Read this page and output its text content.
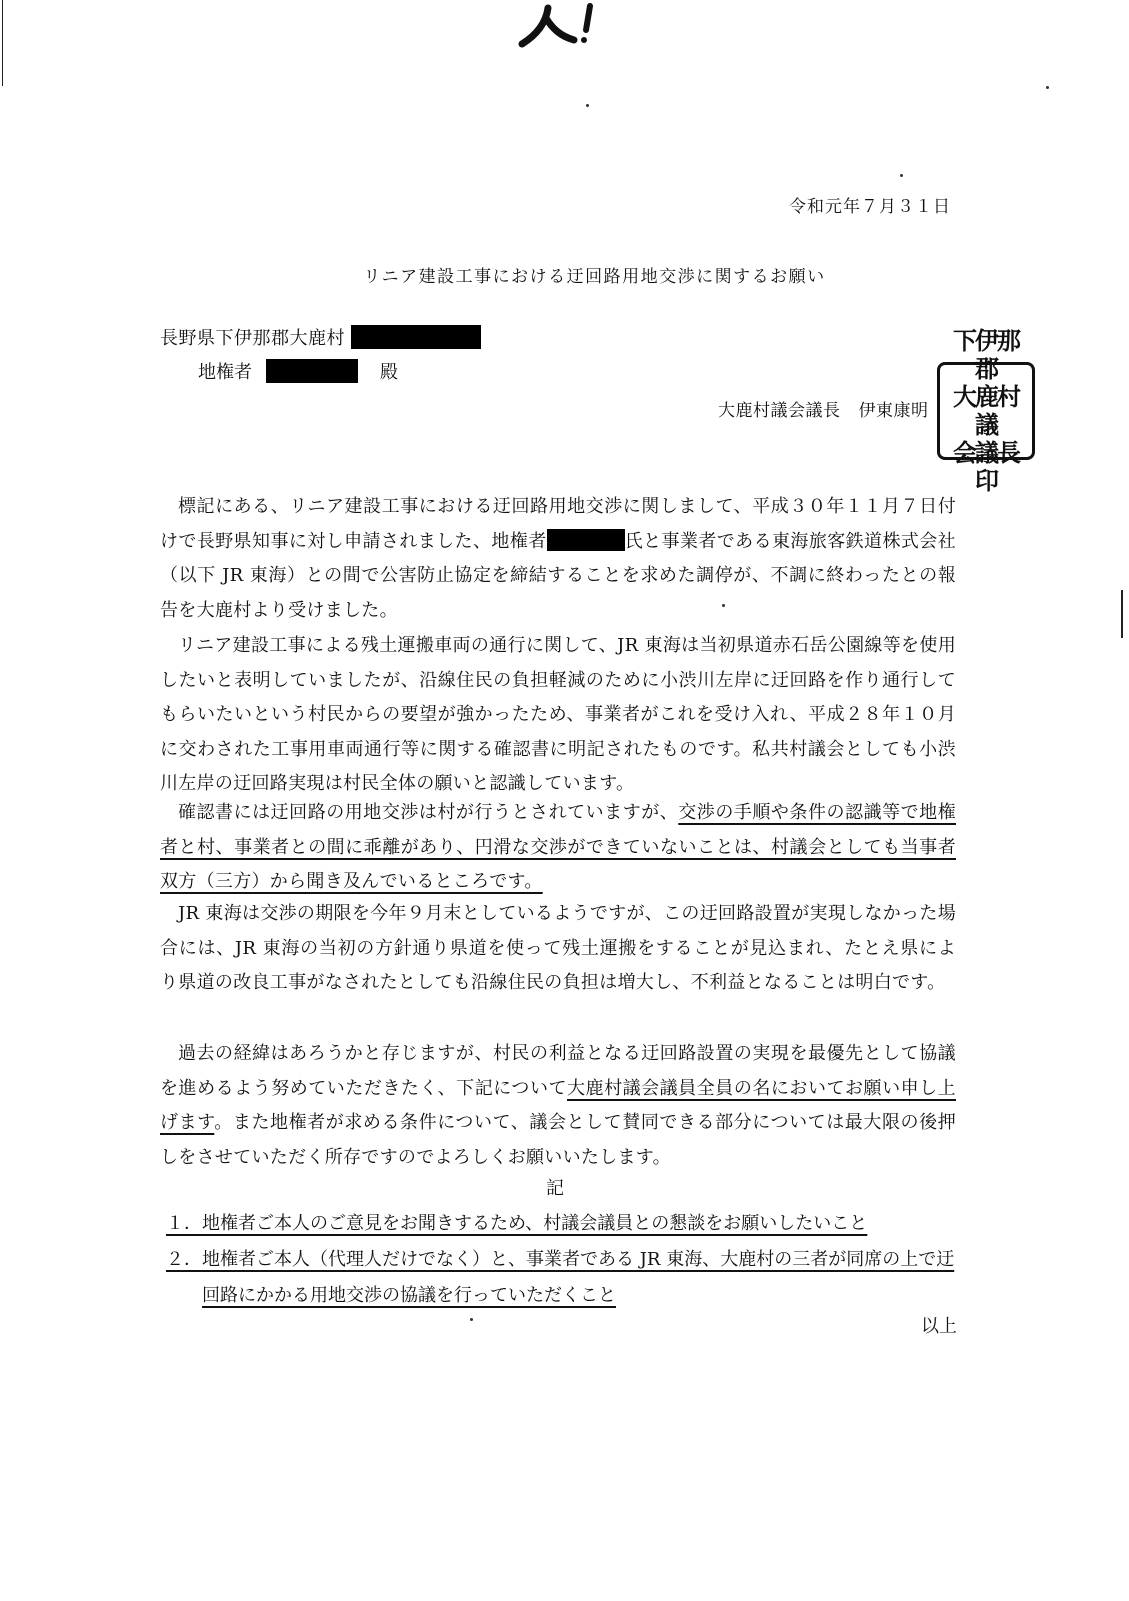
令和元年７月３１日
リニア建設工事における迂回路用地交渉に関するお願い
長野県下伊那郡大鹿村
地権者	殿
大鹿村議会議長 伊東康明
下伊那郡
大鹿村議
会議長印

標記にある、リニア建設工事における迂回路用地交渉に関しまして、平成３０年１１月７日付けで長野県知事に対し申請されました、地権者	氏と事業者である東海旅客鉄道株式会社（以下 JR 東海）との間で公害防止協定を締結することを求めた調停が、不調に終わったとの報告を大鹿村より受けました。

リニア建設工事による残土運搬車両の通行に関して、JR 東海は当初県道赤石岳公園線等を使用したいと表明していましたが、沿線住民の負担軽減のために小渋川左岸に迂回路を作り通行してもらいたいという村民からの要望が強かったため、事業者がこれを受け入れ、平成２８年１０月に交わされた工事用車両通行等に関する確認書に明記されたものです。私共村議会としても小渋川左岸の迂回路実現は村民全体の願いと認識しています。

確認書には迂回路の用地交渉は村が行うとされていますが、交渉の手順や条件の認識等で地権者と村、事業者との間に乖離があり、円滑な交渉ができていないことは、村議会としても当事者双方（三方）から聞き及んでいるところです。

JR 東海は交渉の期限を今年９月末としているようですが、この迂回路設置が実現しなかった場合には、JR 東海の当初の方針通り県道を使って残土運搬をすることが見込まれ、たとえ県により県道の改良工事がなされたとしても沿線住民の負担は増大し、不利益となることは明白です。

過去の経緯はあろうかと存じますが、村民の利益となる迂回路設置の実現を最優先として協議を進めるよう努めていただきたく、下記について大鹿村議会議員全員の名においてお願い申し上げます。また地権者が求める条件について、議会として賛同できる部分については最大限の後押しをさせていただく所存ですのでよろしくお願いいたします。

記
１． 地権者ご本人のご意見をお聞きするため、村議会議員との懇談をお願いしたいこと
２． 地権者ご本人（代理人だけでなく）と、事業者である JR 東海、大鹿村の三者が同席の上で迂回路にかかる用地交渉の協議を行っていただくこと
以上
